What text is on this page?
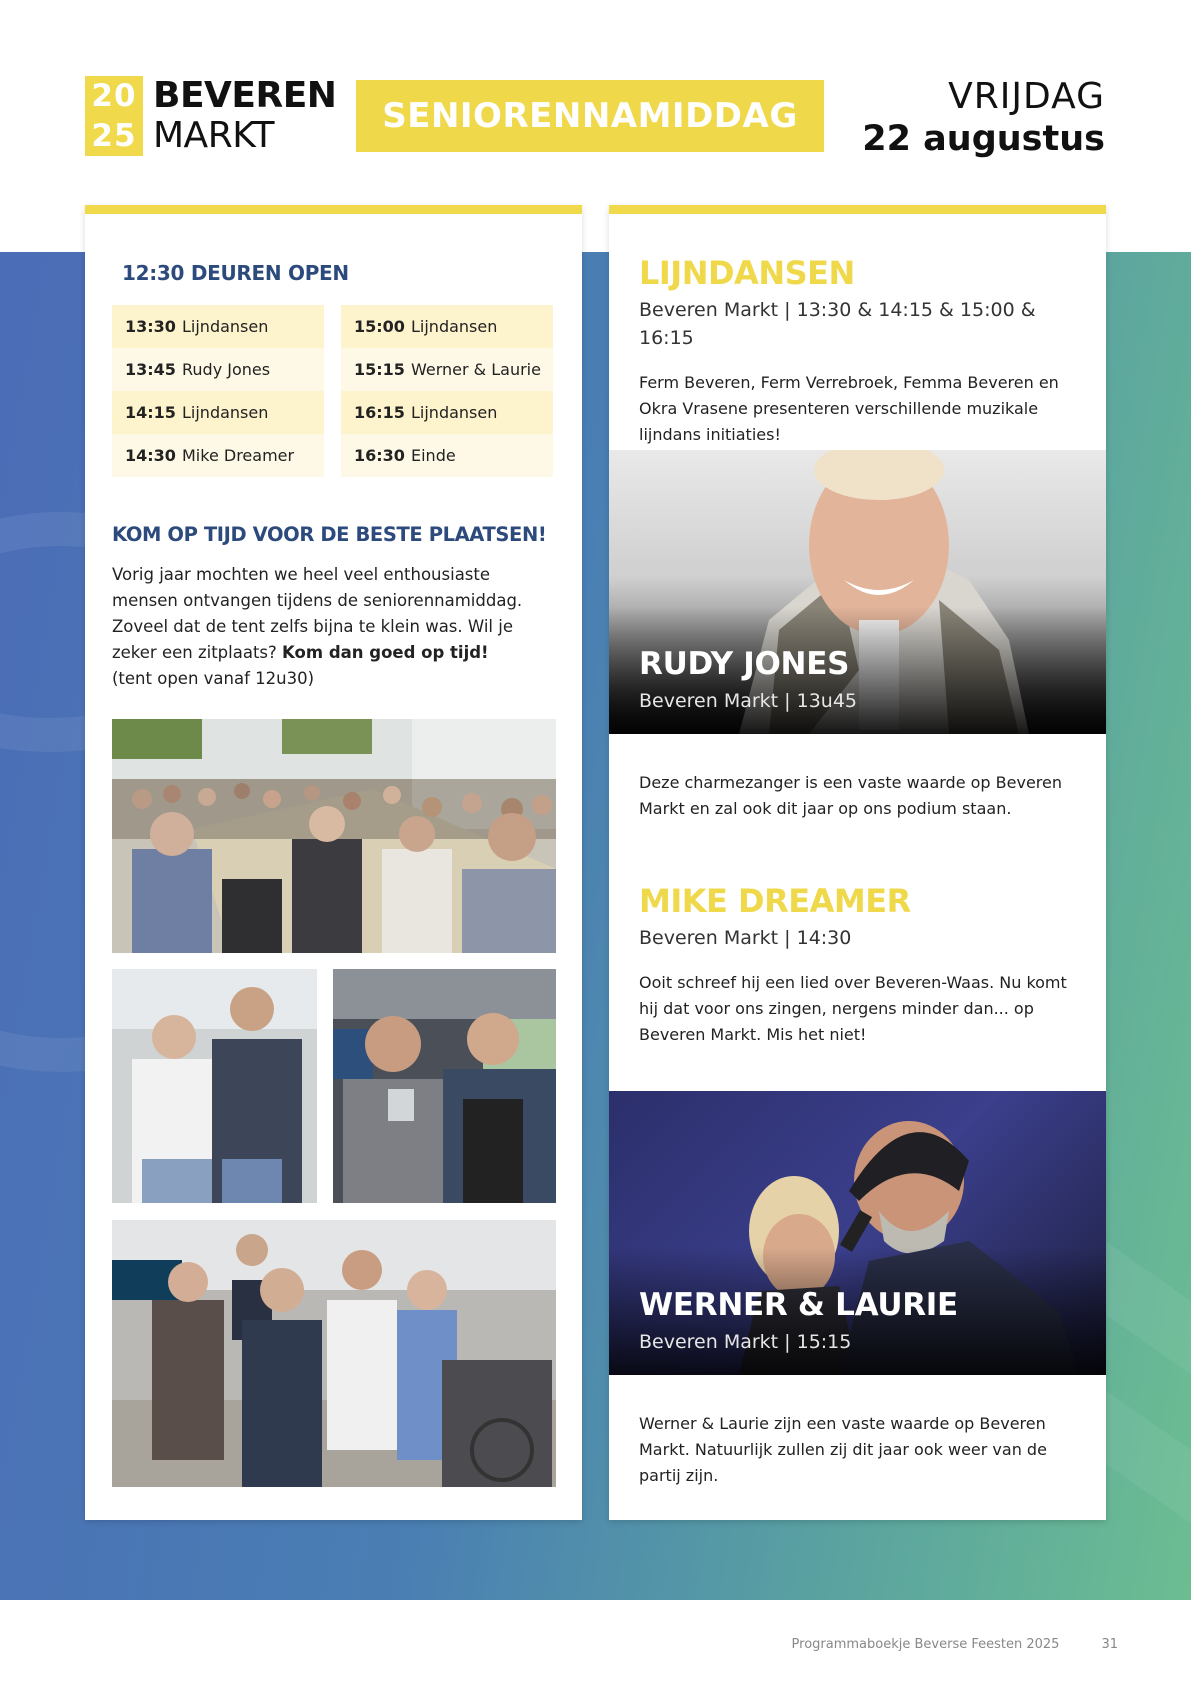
20
25
BEVEREN
MARKT	SENIORENNAMIDDAG	VRIJDAG
22 augustus
12:30 DEUREN OPEN
13:30 Lijndansen
13:45 Rudy Jones
14:15 Lijndansen
14:30 Mike Dreamer
15:00 Lijndansen
15:15 Werner & Laurie
16:15 Lijndansen
16:30 Einde
KOM OP TIJD VOOR DE BESTE PLAATSEN!
Vorig jaar mochten we heel veel enthousiaste mensen ontvangen tijdens de seniorennamiddag. Zoveel dat de tent zelfs bijna te klein was. Wil je zeker een zitplaats? Kom dan goed op tijd!
(tent open vanaf 12u30)
LIJNDANSEN
Beveren Markt | 13:30 & 14:15 & 15:00 & 16:15
Ferm Beveren, Ferm Verrebroek, Femma Beveren en Okra Vrasene presenteren verschillende muzikale lijndans initiaties!
RUDY JONES
Beveren Markt | 13u45
Deze charmezanger is een vaste waarde op Beveren Markt en zal ook dit jaar op ons podium staan.
MIKE DREAMER
Beveren Markt | 14:30
Ooit schreef hij een lied over Beveren-Waas. Nu komt hij dat voor ons zingen, nergens minder dan... op Beveren Markt. Mis het niet!
WERNER & LAURIE
Beveren Markt | 15:15
Werner & Laurie zijn een vaste waarde op Beveren Markt. Natuurlijk zullen zij dit jaar ook weer van de partij zijn.
Programmaboekje Beverse Feesten 2025	31
